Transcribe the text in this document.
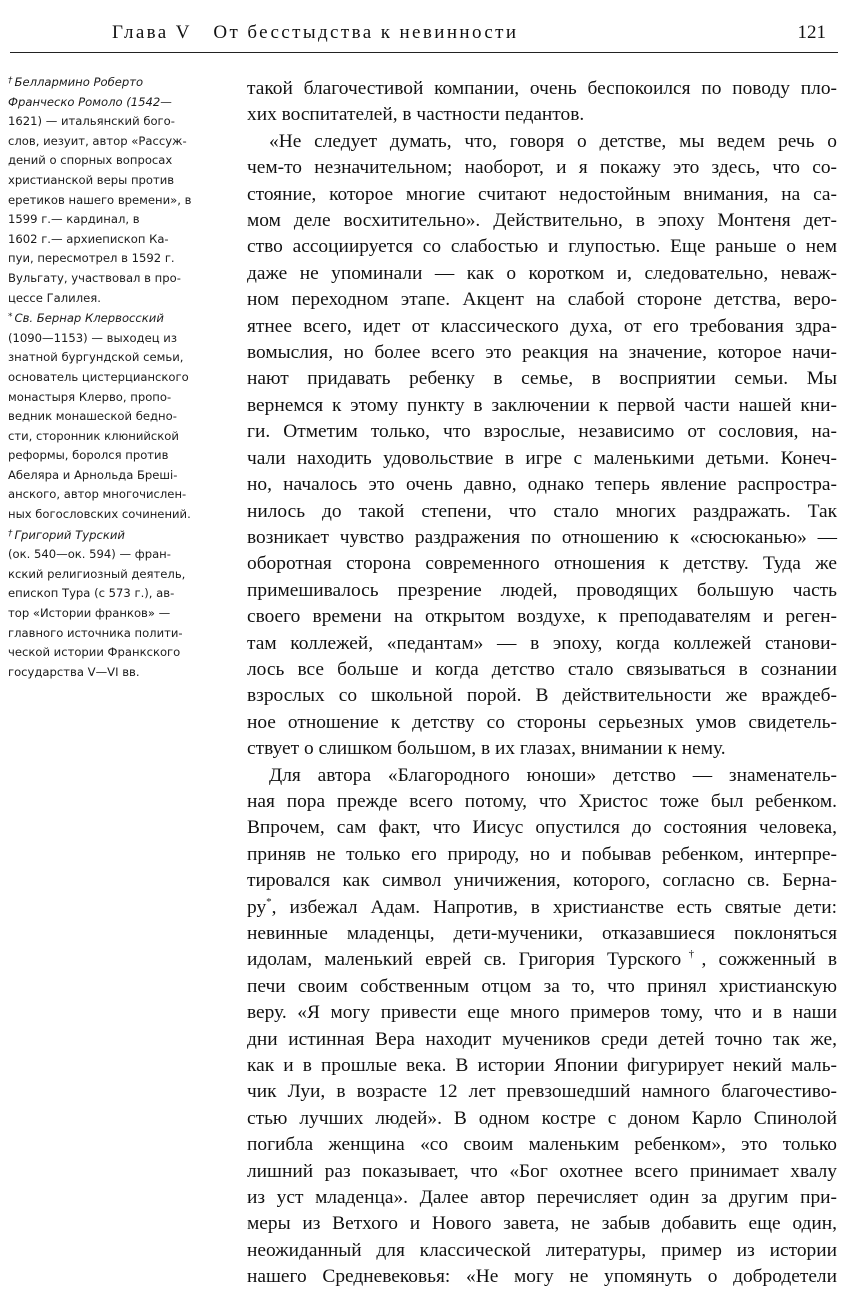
Глава V От бесстыдства к невинности	121

† Беллармино Роберто
Франческо Ромоло (1542—
1621) — итальянский бого-
слов, иезуит, автор «Рассуж-
дений о спорных вопросах
христианской веры против
еретиков нашего времени», в
1599 г.— кардинал, в
1602 г.— архиепископ Ка-
пуи, пересмотрел в 1592 г.
Вульгату, участвовал в про-
цессе Галилея.

* Св. Бернар Клервосский
(1090—1153) — выходец из
знатной бургундской семьи,
основатель цистерцианского
монастыря Клерво, пропо-
ведник монашеской бедно-
сти, сторонник клюнийской
реформы, боролся против
Абеляра и Арнольда Брешi-
анского, автор многочислен-
ных богословских сочинений.

† Григорий Турский
(ок. 540—ок. 594) — фран-
кский религиозный деятель,
епископ Тура (с 573 г.), ав-
тор «Истории франков» —
главного источника полити-
ческой истории Франкского
государства V—VI вв.

такой благочестивой компании, очень беспокоился по поводу пло-
хих воспитателей, в частности педантов.
«Не следует думать, что, говоря о детстве, мы ведем речь о
чем-то незначительном; наоборот, и я покажу это здесь, что со-
стояние, которое многие считают недостойным внимания, на са-
мом деле восхитительно». Действительно, в эпоху Монтеня дет-
ство ассоциируется со слабостью и глупостью. Еще раньше о нем
даже не упоминали — как о коротком и, следовательно, неваж-
ном переходном этапе. Акцент на слабой стороне детства, веро-
ятнее всего, идет от классического духа, от его требования здра-
вомыслия, но более всего это реакция на значение, которое начи-
нают придавать ребенку в семье, в восприятии семьи. Мы
вернемся к этому пункту в заключении к первой части нашей кни-
ги. Отметим только, что взрослые, независимо от сословия, на-
чали находить удовольствие в игре с маленькими детьми. Конеч-
но, началось это очень давно, однако теперь явление распростра-
нилось до такой степени, что стало многих раздражать. Так
возникает чувство раздражения по отношению к «сюсюканью» —
оборотная сторона современного отношения к детству. Туда же
примешивалось презрение людей, проводящих большую часть
своего времени на открытом воздухе, к преподавателям и реген-
там коллежей, «педантам» — в эпоху, когда коллежей станови-
лось все больше и когда детство стало связываться в сознании
взрослых со школьной порой. В действительности же враждеб-
ное отношение к детству со стороны серьезных умов свидетель-
ствует о слишком большом, в их глазах, внимании к нему.
Для автора «Благородного юноши» детство — знаменатель-
ная пора прежде всего потому, что Христос тоже был ребенком.
Впрочем, сам факт, что Иисус опустился до состояния человека,
приняв не только его природу, но и побывав ребенком, интерпре-
тировался как символ уничижения, которого, согласно св. Берна-
ру*, избежал Адам. Напротив, в христианстве есть святые дети:
невинные младенцы, дети-мученики, отказавшиеся поклоняться
идолам, маленький еврей св. Григория Турского†, сожженный в
печи своим собственным отцом за то, что принял христианскую
веру. «Я могу привести еще много примеров тому, что и в наши
дни истинная Вера находит мучеников среди детей точно так же,
как и в прошлые века. В истории Японии фигурирует некий маль-
чик Луи, в возрасте 12 лет превзошедший намного благочестиво-
стью лучших людей». В одном костре с доном Карло Спинолой
погибла женщина «со своим маленьким ребенком», это только
лишний раз показывает, что «Бог охотнее всего принимает хвалу
из уст младенца». Далее автор перечисляет один за другим при-
меры из Ветхого и Нового завета, не забыв добавить еще один,
неожиданный для классической литературы, пример из истории
нашего Средневековья: «Не могу не упомянуть о добродетели
